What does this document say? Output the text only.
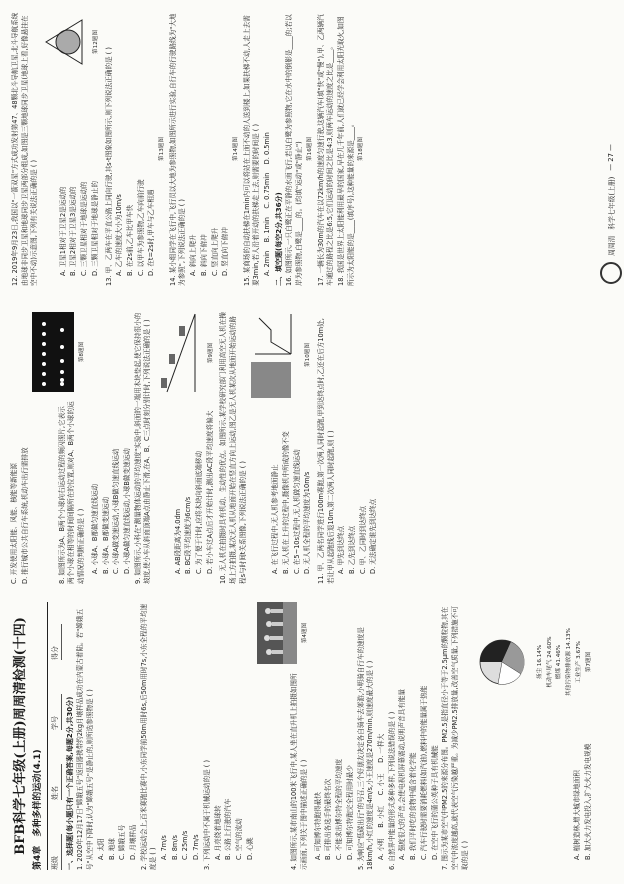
BFB科学七年级(上册)周周清检测(十四)
第4章 多种多样的运动(4.1)
班级
姓名
学号
得分
一、选择题(每小题只有一个正确答案,每题2分,共30分) 1. 2020年12月17日"嫦娥五号"返回器携带约2kg月壤样品成功在内蒙古着陆。若"嫦娥五号"从空中下降时,认为"嫦娥五号"是静止的,则所选参照物是 ( ) A. 太阳 B. 地球 C. 嫦娥五号 D. 月壤样品 2. 学校运动会上,百米赛跑比赛中,小东同学前50m用时6s,后50m用时7s,小东全程的平均速度是 ( ) A. 7m/s B. 8m/s C. 25m/s D. 7m/s 3. 下列运动中不属于机械运动的是 ( ) A. 月亮绕着地球转 B. 公路上行驶的汽车 C. 空气的流动 D. 心跳	4. 如图所示,某市南山的100米飞行中,某人坐在直升机上拍摄如图所示画面,下列关于图中描述正确的是 ( )

第4题图

A. 可知博尔特跑得最快 B. 可排出各选手的最终名次 C. 不能求出博尔特全程的平均速度 D. 可知博尔特跑完全程用时最少 5. 为响应"低碳出行"的号召,三个好朋友决定各自骑车去郊游,小明骑自行车的速度是18km/h,小红的速度是4m/s,小王速度是270m/min,则速度最大的是 ( ) A. 小明     B. 小红     C. 小王     D. 一样大 6. 自然界中能量的形式多种多样,下列说法错误的是 ( ) A. 强度很大的声音,会使电视机屏幕震动,说明声音具有能量 B. 我们平时吃的食物中蕴含着化学能 C. 汽车行驶时需要消耗燃料(如汽油),燃料中的能量属于热能 D. 在空中飞行的蒲公英种子具有机械能 7. 图示为某市空气中PM2.5的来源分布图。PM2.5是指直径小于等于2.5μm的颗粒物,其在空气中浓度越高,就代表空气污染越严重。为减少PM2.5排放量,改善空气质量,下列措施不可取的是 ( )	A. 植树造林,增大城市绿地面积 B. 加大火力发电投入,扩大火力发电规模

扬尘 16.14% 机动车尾气 24.60% 燃煤 41.46% 其他污染物排放源 14.13% 工业生产 3.67% 第7题图

C. 开发使用太阳能、风能、核能等新能源 D. 推行城市公共自行车系统,机动车出行需排放	8. 如图所示为A、B两个小球向右运动过程的频闪照片,它表示两个小球在相等的时间间隔所在的位置,则对A、B两个小球的运动情况的判断正确的是 ( )

第8题图

A. 小球A、B都做匀速直线运动 B. 小球A、B都做变速运动 C. 小球A做变速运动,小球B做匀速直线运动 D. 小球A做匀速直线运动,小球B做变速运动 9. 如图所示,小科在"测量物体运动的平均速度"实验中,斜面的一端用木块垫起,使它保持很小的坡度,使小车从斜面顶端A点由静止下滑,在A、B、C三点时刻分别计时,下列说法正确的是 ( )	A. AB段距离为4.0dm B. BC段平均速度为6cm/s C. 为了便于计时,应将木块向斜面底端移动 D. 若小车过A点后才开始计时,测出AC段平均速度将偏大

第9题图 10. 无人机在拍摄时具有机动、生动性的优点。如图所示,某学校研究部门利用高空无人机在操场上方拍摄,某次无人机从地面开始在竖直方向上运动,图乙是无人机某次从地面开始运动的路程s与时间t关系图像,下列说法正确的是 ( )	A. 在飞行过程中,无人机参考地面静止 B. 无人机在上升的过程中,摄像机中所成的像不变 C. 在5~10s过程中,无人机做匀速直线运动 D. 无人机全程的平均速度为10m/s

第10题图 11. 甲、乙两名同学进行100m赛跑,第一次两人同时起跑,甲到达终点时,乙还在后方10m处,若让甲从起跑线后退10m,第二次两人同时起跑,则 ( ) A. 甲先到达终点 B. 乙先到达终点 C. 甲、乙同时到达终点 D. 无法确定谁先到达终点

12. 2019年9月23日,我国以"一箭双星"方式成功发射第47、48颗北斗导航卫星,北斗导航系统由地球非同步卫星和地球同步卫星两部分组成,如图是三颗地球同步卫星(地球上看,好像悬挂在空中不动)示意图,下列有关说法正确的是 ( )	A. 卫星1相对于卫星2是运动的 B. 卫星2相对于卫星3是运动的 C. 三颗卫星相对于地球是运动的 D. 三颗卫星相对于地球是静止的

第12题图

13. 甲、乙两车在平直公路上同向行驶,其s-t图象如图所示,则下列说法正确的是 ( ) A. 乙车的速度大小为10m/s B. 在2s前,乙车比甲车快 C. 以甲车为参照物,乙车向前行驶 D. 在t=2s时,甲车与乙车相遇

第13题图 14. 某小组同学在飞行中,飞行员以大地为参照物,如图所示进行实验,自行车的行驶路线为"大地为参照",下列说法正确的是 ( ) A. 斜向上爬升 B. 斜向下俯冲 C. 竖直向上爬升 D. 竖直向下俯冲

第14题图 15. 某商场的自动扶梯在1min内可以将站在上面不动的人送到楼上,如果扶梯不动,人走上去需要3min,若人沿着开动的扶梯走上去,则需要的时间是 ( ) A. 2min    B. 1min    C. 0.75min    D. 0.5min

二、填空题(每空2分,共36分) 16. 如图所示,一只白鹭正在平静的水面飞行,若以白鹭为参照物,它在水中的倒影是____的;若以岸为参照物,白鹭是____的。(均填"运动"或"静止") 第16题图 17. 一辆长为30m的汽车在以72km/h的速度匀速行驶,这辆汽车(填"快"或"慢"),甲、乙两辆汽车通过的路程之比是6:5,它们运动的时间之比是4:3,则两车运动的速度之比是____。 18. 我国是世界上太阳能利用最早的国家,早在几千年前,人们就已经学会利用太阳光取火,如图所示为太阳能的是____(填序号),这种能量的来源是____。 第18题图
周周清
科学七年级(上册)
— 27 —
